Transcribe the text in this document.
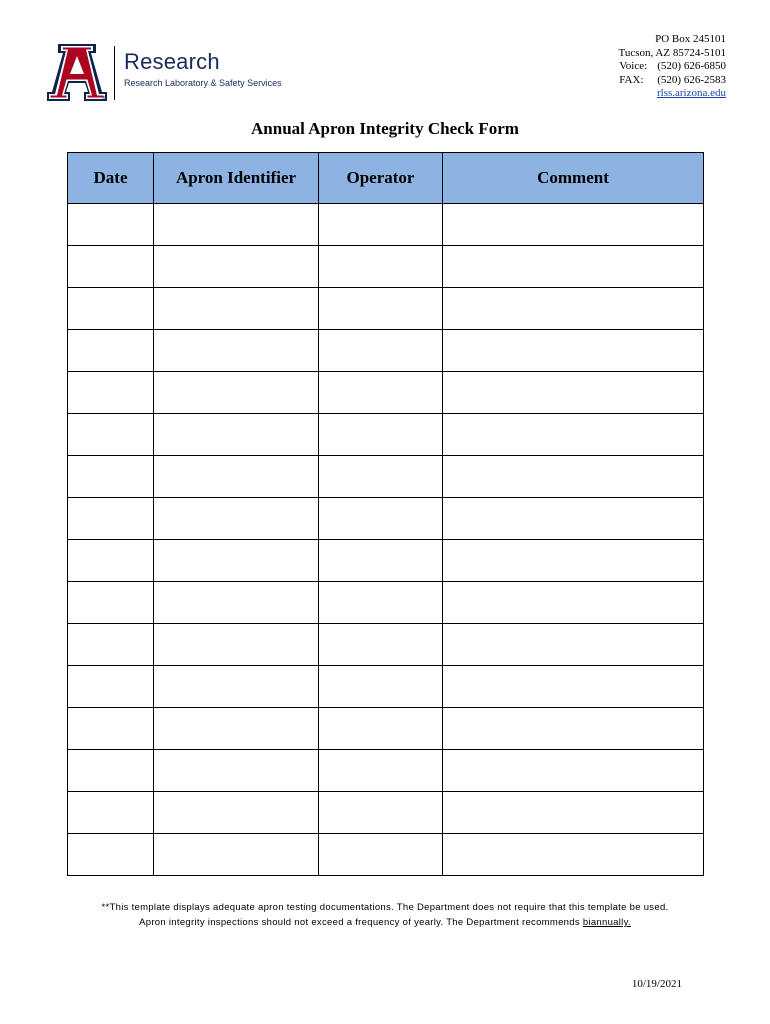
®
Research
Research Laboratory & Safety Services
PO Box 245101
Tucson, AZ 85724-5101
Voice: (520) 626-6850
FAX:	(520) 626-2583
rlss.arizona.edu
Annual Apron Integrity Check Form
Date	Apron Identifier	Operator	Comment

**This template displays adequate apron testing documentations. The Department does not require that this template be used. Apron integrity inspections should not exceed a frequency of yearly. The Department recommends biannually.
10/19/2021
